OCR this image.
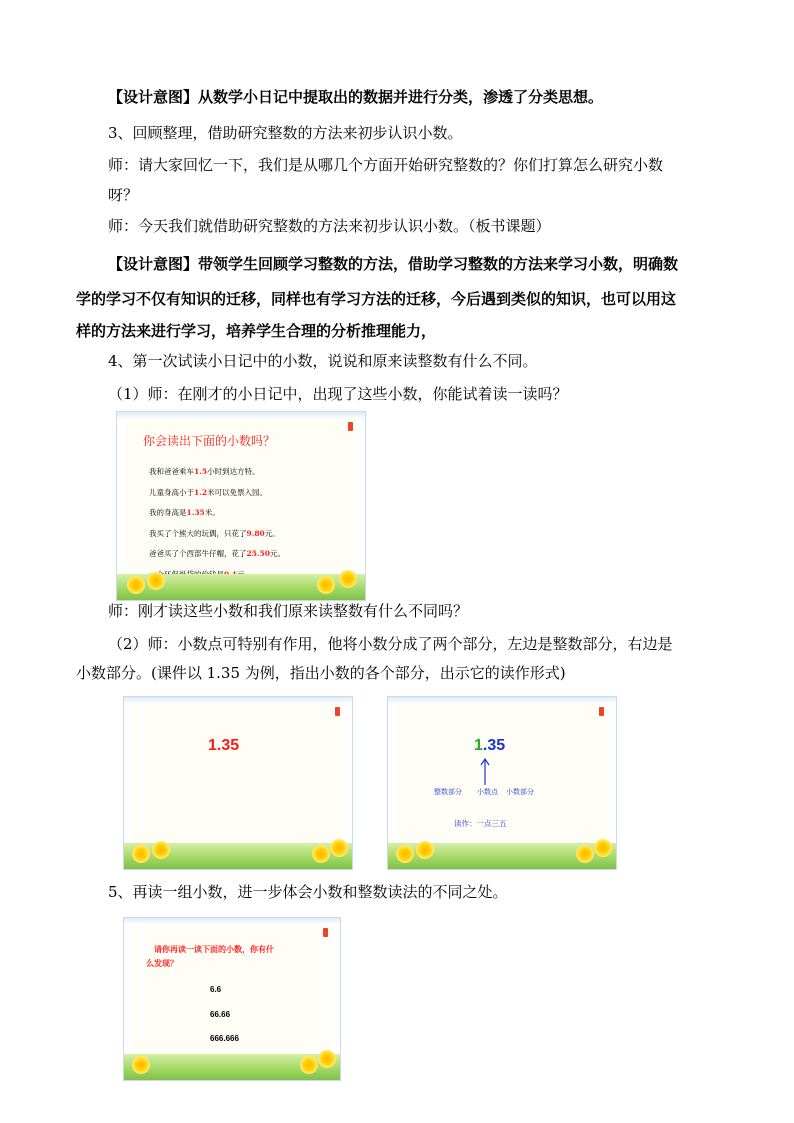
【设计意图】从数学小日记中提取出的数据并进行分类，渗透了分类思想。
3、回顾整理，借助研究整数的方法来初步认识小数。
师：请大家回忆一下，我们是从哪几个方面开始研究整数的？你们打算怎么研究小数
呀？
师：今天我们就借助研究整数的方法来初步认识小数。（板书课题）
【设计意图】带领学生回顾学习整数的方法，借助学习整数的方法来学习小数，明确数
学的学习不仅有知识的迁移，同样也有学习方法的迁移，今后遇到类似的知识，也可以用这
样的方法来进行学习，培养学生合理的分析推理能力，
4、第一次试读小日记中的小数，说说和原来读整数有什么不同。
（1）师：在刚才的小日记中，出现了这些小数，你能试着读一读吗？
你会读出下面的小数吗？
我和爸爸乘车1.5小时到达方特。
儿童身高小于1.2米可以免票入园。
我的身高是1.35米。
我买了个熊大的玩偶，只花了9.80元。
爸爸买了个西部牛仔帽，花了25.50元。
师：刚才读这些小数和我们原来读整数有什么不同吗？
（2）师：小数点可特别有作用，他将小数分成了两个部分，左边是整数部分，右边是
小数部分。(课件以 1.35 为例，指出小数的各个部分，出示它的读作形式)
1.35	1.35
整数部分 小数点 小数部分
读作：一点三五
5、再读一组小数，进一步体会小数和整数读法的不同之处。
请你再读一读下面的小数，你有什
么发现？
6.6
66.66
666.666
